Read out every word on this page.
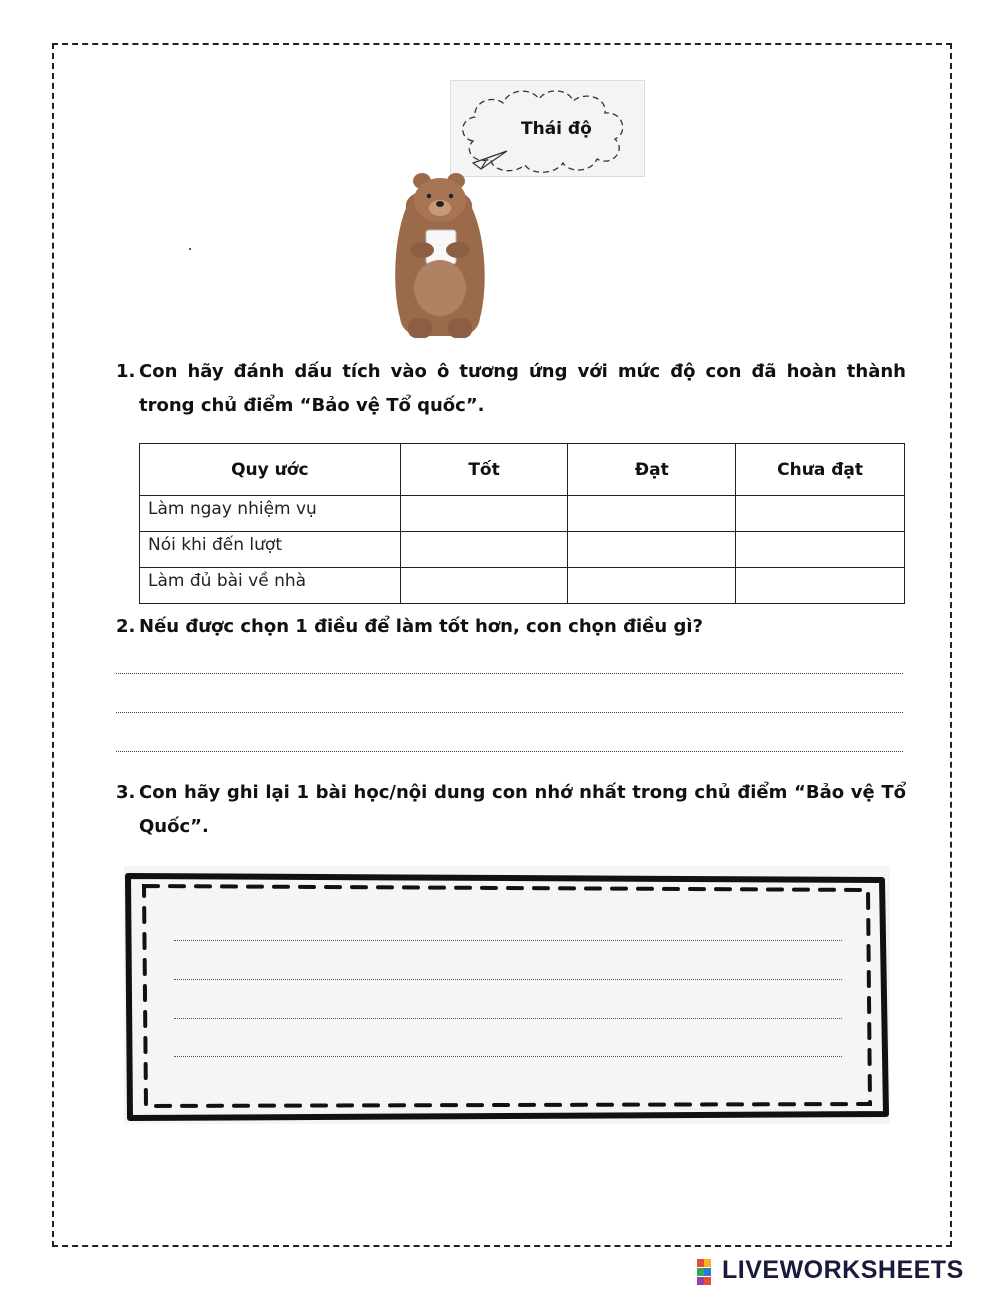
Thái độ
1. Con hãy đánh dấu tích vào ô tương ứng với mức độ con đã hoàn thành trong chủ điểm “Bảo vệ Tổ quốc”.
Quy ước	Tốt	Đạt	Chưa đạt
Làm ngay nhiệm vụ			
Nói khi đến lượt			
Làm đủ bài về nhà			
2. Nếu được chọn 1 điều để làm tốt hơn, con chọn điều gì?
3. Con hãy ghi lại 1 bài học/nội dung con nhớ nhất trong chủ điểm “Bảo vệ Tổ Quốc”.
LIVEWORKSHEETS
